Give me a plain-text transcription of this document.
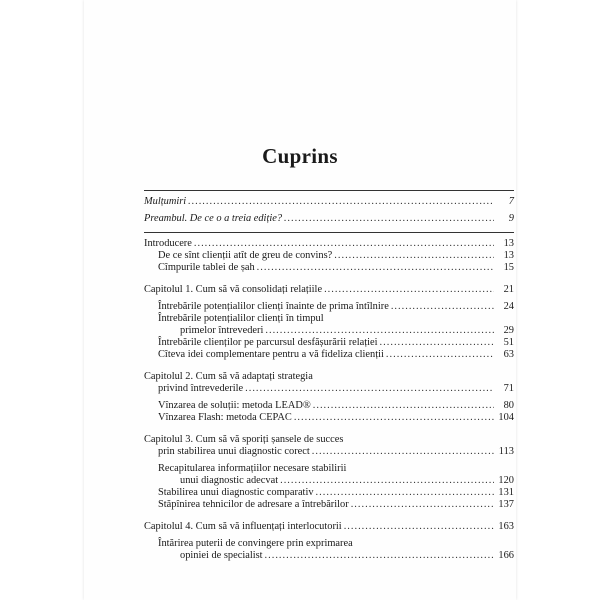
Cuprins
Mulțumiri .....	7
Preambul. De ce o a treia ediție? .....	9
Introducere .....	13
De ce sînt clienții atît de greu de convins? .....	13
Cîmpurile tablei de șah .....	15
Capitolul 1. Cum să vă consolidați relațiile .....	21
Întrebările potențialilor clienți înainte de prima întîlnire .....	24
Întrebările potențialilor clienți în timpul
primelor întrevederi .....	29
Întrebările clienților pe parcursul desfășurării relației .....	51
Cîteva idei complementare pentru a vă fideliza clienții .....	63
Capitolul 2. Cum să vă adaptați strategia
privind întrevederile .....	71
Vînzarea de soluții: metoda LEAD® .....	80
Vînzarea Flash: metoda CEPAC .....	104
Capitolul 3. Cum să vă sporiți șansele de succes
prin stabilirea unui diagnostic corect .....	113
Recapitularea informațiilor necesare stabilirii
unui diagnostic adecvat .....	120
Stabilirea unui diagnostic comparativ .....	131
Stăpînirea tehnicilor de adresare a întrebărilor .....	137
Capitolul 4. Cum să vă influențați interlocutorii .....	163
Întărirea puterii de convingere prin exprimarea
opiniei de specialist .....	166
